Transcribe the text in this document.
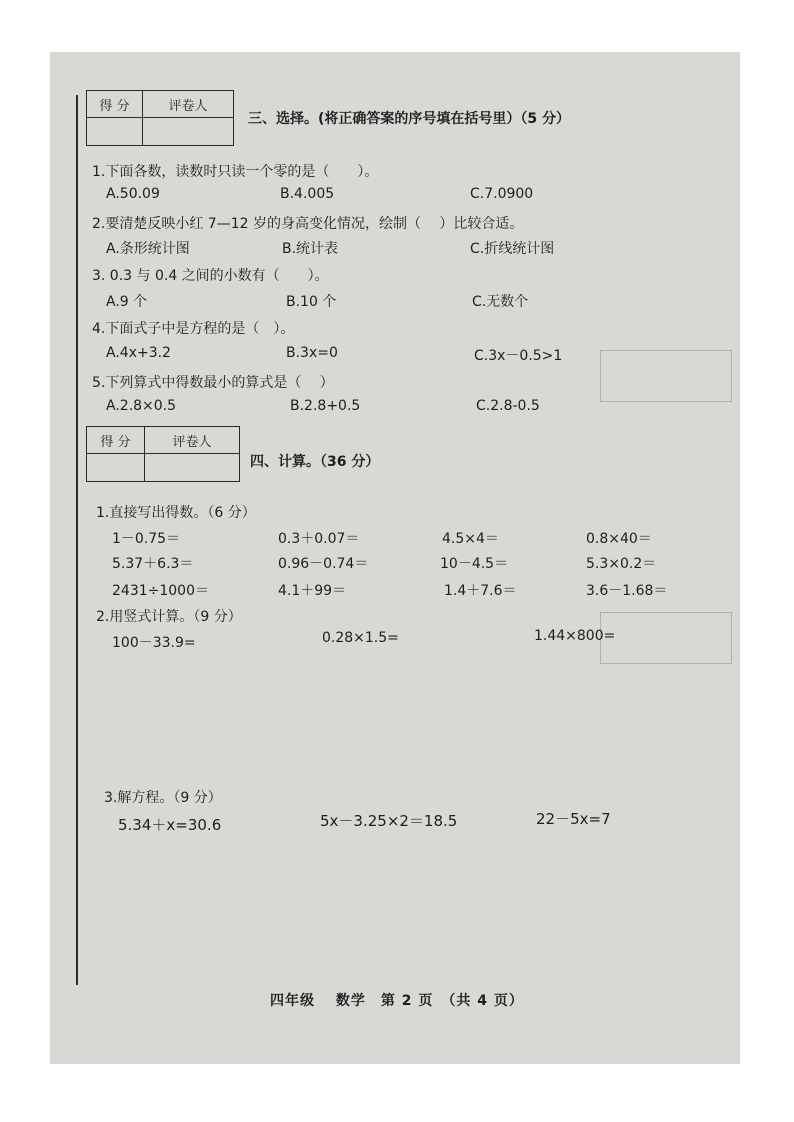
得 分	评卷人
三、选择。(将正确答案的序号填在括号里）（5 分）
1.下面各数，读数时只读一个零的是（　　）。
A.50.09	B.4.005	C.7.0900
2.要清楚反映小红 7—12 岁的身高变化情况，绘制（　 ）比较合适。
A.条形统计图	B.统计表	C.折线统计图
3. 0.3 与 0.4 之间的小数有（　　）。
A.9 个	B.10 个	C.无数个
4.下面式子中是方程的是（　）。
A.4x+3.2	B.3x=0	C.3x－0.5>1
5.下列算式中得数最小的算式是（　 ）
A.2.8×0.5	B.2.8+0.5	C.2.8-0.5
得 分	评卷人
四、计算。（36 分）
1.直接写出得数。（6 分）
1－0.75＝	0.3＋0.07＝	4.5×4＝	0.8×40＝
5.37＋6.3＝	0.96－0.74＝	10－4.5＝	5.3×0.2＝
2431÷1000＝	4.1＋99＝	1.4＋7.6＝	3.6－1.68＝
2.用竖式计算。（9 分）
100－33.9=	0.28×1.5=	1.44×800=
3.解方程。（9 分）
5.34＋x=30.6	5x－3.25×2＝18.5	22－5x=7
四年级　 数学　第 2 页　（共 4 页）
